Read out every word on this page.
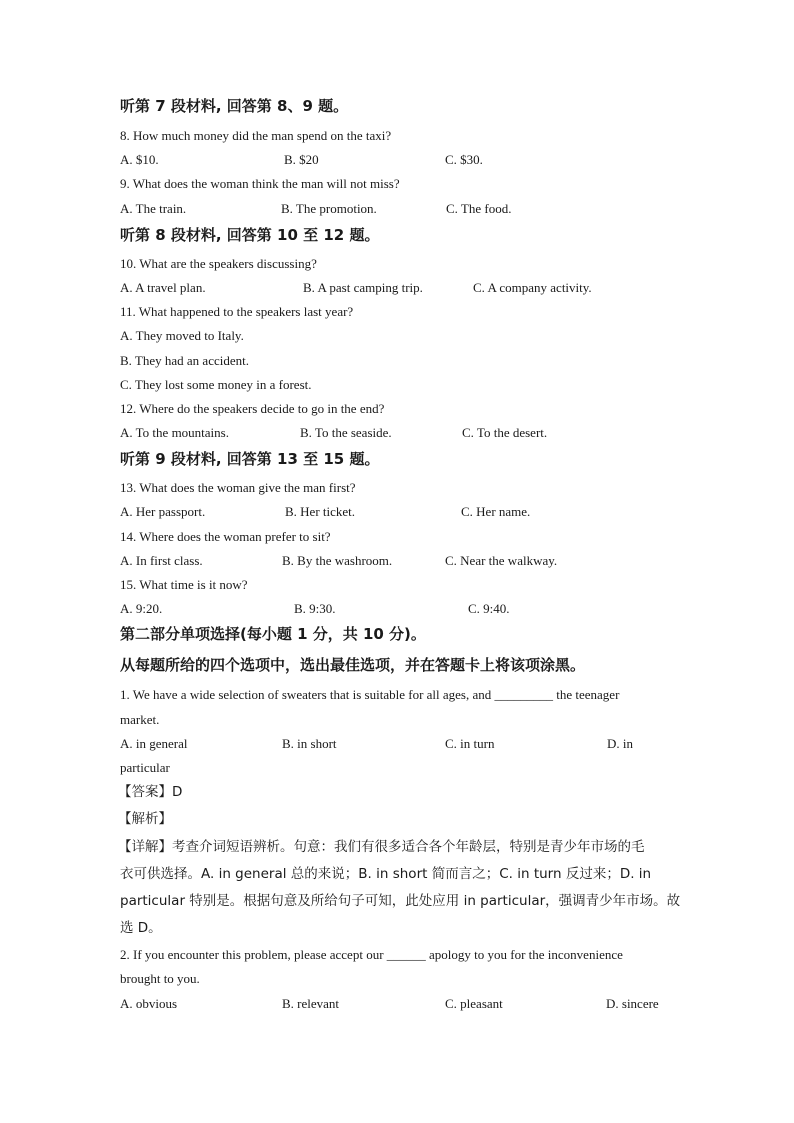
听第 7 段材料, 回答第 8、9 题。
8. How much money did the man spend on the taxi?
A. $10.	B. $20	C. $30.
9. What does the woman think the man will not miss?
A. The train.	B. The promotion.	C. The food.
听第 8 段材料, 回答第 10 至 12 题。
10. What are the speakers discussing?
A. A travel plan.	B. A past camping trip.	C. A company activity.
11. What happened to the speakers last year?
A. They moved to Italy.
B. They had an accident.
C. They lost some money in a forest.
12. Where do the speakers decide to go in the end?
A. To the mountains.	B. To the seaside.	C. To the desert.
听第 9 段材料, 回答第 13 至 15 题。
13. What does the woman give the man first?
A. Her passport.	B. Her ticket.	C. Her name.
14. Where does the woman prefer to sit?
A. In first class.	B. By the washroom.	C. Near the walkway.
15. What time is it now?
A. 9:20.	B. 9:30.	C. 9:40.
第二部分单项选择(每小题 1 分，共 10 分)。
从每题所给的四个选项中，选出最佳选项，并在答题卡上将该项涂黑。
1. We have a wide selection of sweaters that is suitable for all ages, and _________ the teenager
market.
A. in general	B. in short	C. in turn	D. in
particular
【答案】D
【解析】
【详解】考查介词短语辨析。句意：我们有很多适合各个年龄层，特别是青少年市场的毛
衣可供选择。A. in general 总的来说；B. in short 简而言之；C. in turn 反过来；D. in
particular 特别是。根据句意及所给句子可知，此处应用 in particular，强调青少年市场。故
选 D。
2. If you encounter this problem, please accept our ______ apology to you for the inconvenience
brought to you.
A. obvious	B. relevant	C. pleasant	D. sincere
